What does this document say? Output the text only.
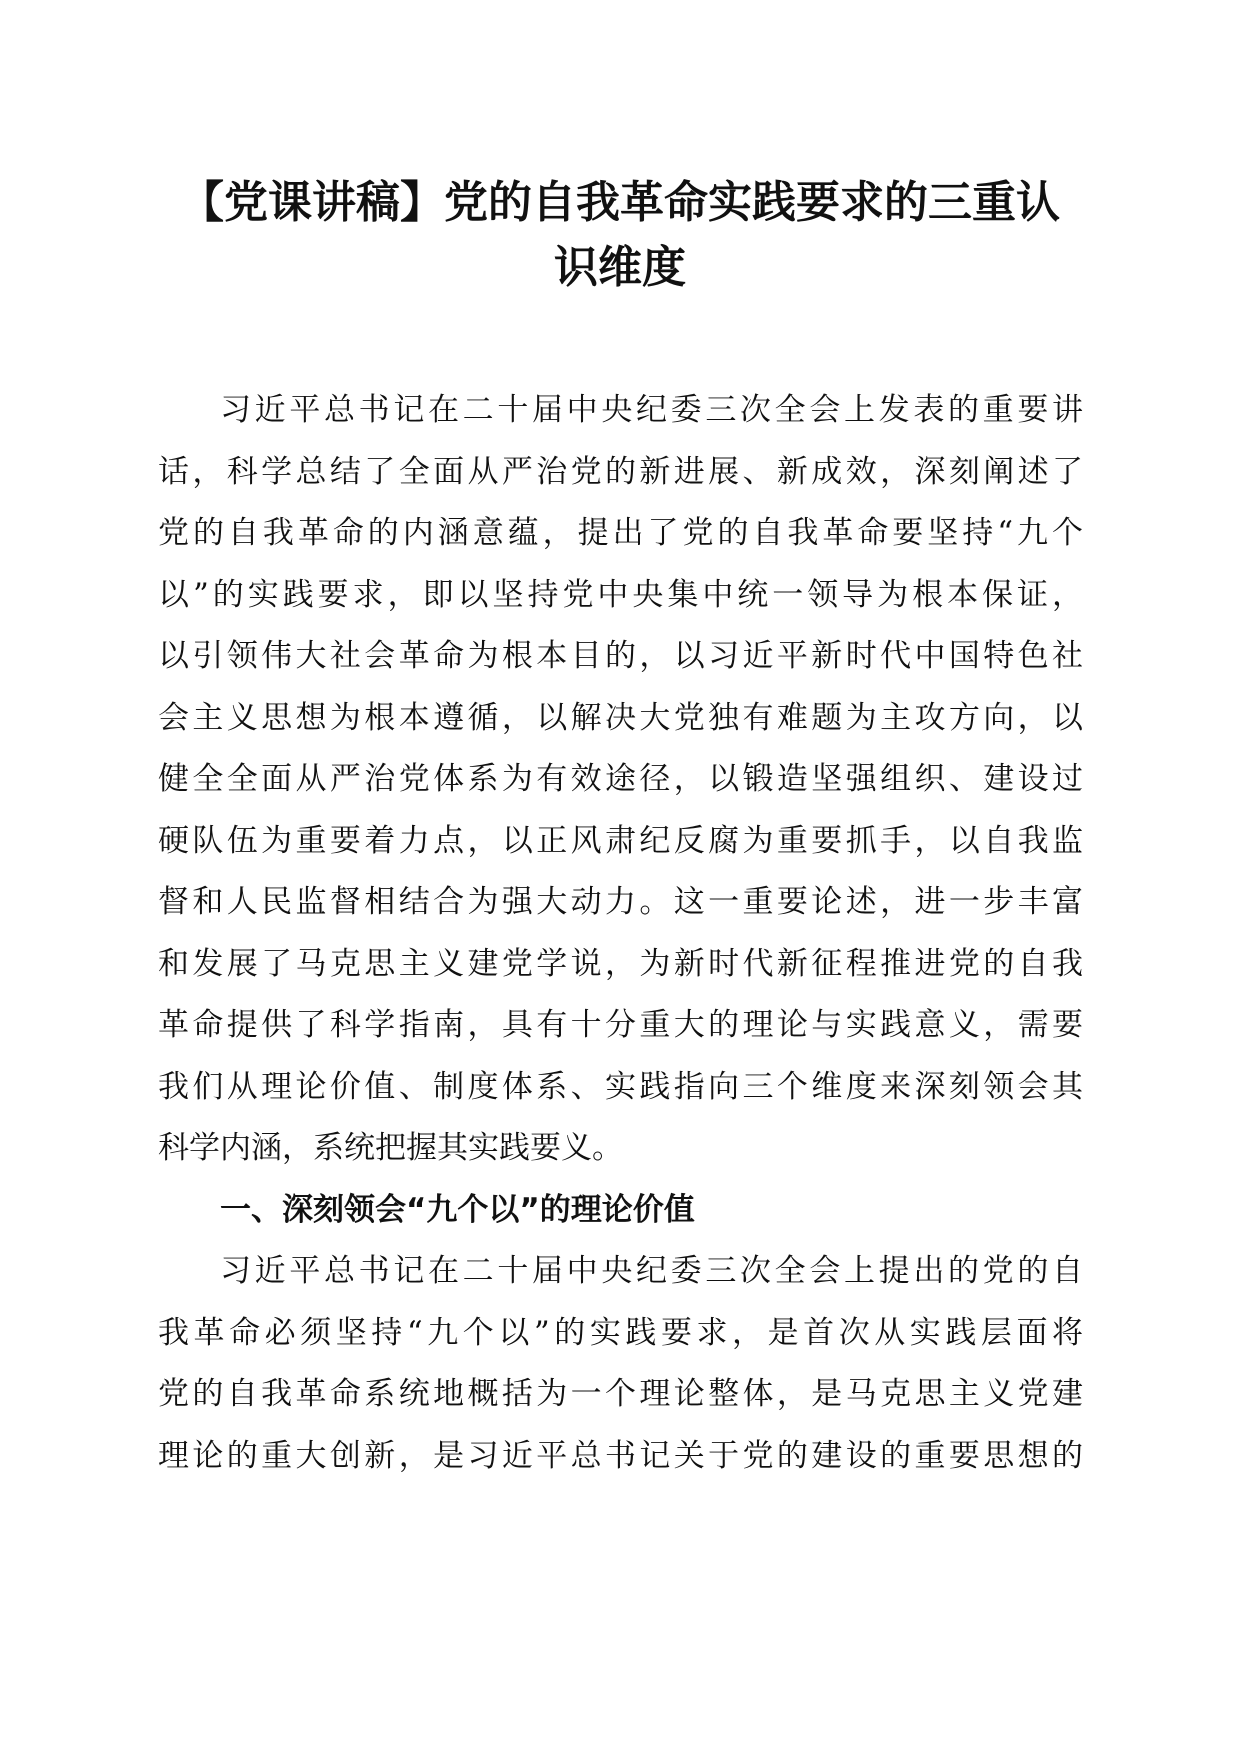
【党课讲稿】党的自我革命实践要求的三重认
识维度

习近平总书记在二十届中央纪委三次全会上发表的重要讲
话，科学总结了全面从严治党的新进展、新成效，深刻阐述了
党的自我革命的内涵意蕴，提出了党的自我革命要坚持“九个
以”的实践要求，即以坚持党中央集中统一领导为根本保证，
以引领伟大社会革命为根本目的，以习近平新时代中国特色社
会主义思想为根本遵循，以解决大党独有难题为主攻方向，以
健全全面从严治党体系为有效途径，以锻造坚强组织、建设过
硬队伍为重要着力点，以正风肃纪反腐为重要抓手，以自我监
督和人民监督相结合为强大动力。这一重要论述，进一步丰富
和发展了马克思主义建党学说，为新时代新征程推进党的自我
革命提供了科学指南，具有十分重大的理论与实践意义，需要
我们从理论价值、制度体系、实践指向三个维度来深刻领会其
科学内涵，系统把握其实践要义。

一、深刻领会“九个以”的理论价值

习近平总书记在二十届中央纪委三次全会上提出的党的自
我革命必须坚持“九个以”的实践要求，是首次从实践层面将
党的自我革命系统地概括为一个理论整体，是马克思主义党建
理论的重大创新，是习近平总书记关于党的建设的重要思想的
